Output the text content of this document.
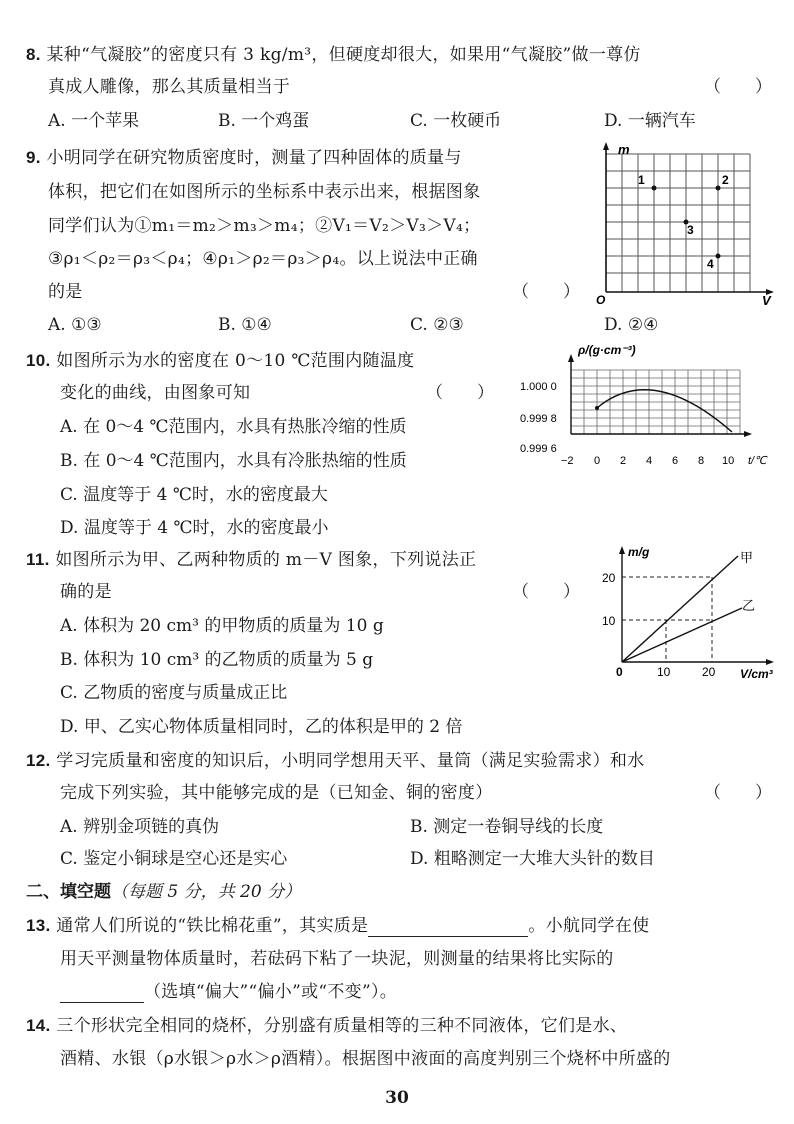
8. 某种“气凝胶”的密度只有 3 kg/m³，但硬度却很大，如果用“气凝胶”做一尊仿
真成人雕像，那么其质量相当于	（　　）
A. 一个苹果	B. 一个鸡蛋	C. 一枚硬币	D. 一辆汽车
9. 小明同学在研究物质密度时，测量了四种固体的质量与
体积，把它们在如图所示的坐标系中表示出来，根据图象
同学们认为①m₁＝m₂＞m₃＞m₄；②V₁＝V₂＞V₃＞V₄；
③ρ₁＜ρ₂＝ρ₃＜ρ₄；④ρ₁＞ρ₂＝ρ₃＞ρ₄。以上说法中正确
的是	（　　）
A. ①③	B. ①④	C. ②③	D. ②④
m
V
O
1	2
3
4
10. 如图所示为水的密度在 0～10 ℃范围内随温度
变化的曲线，由图象可知	（　　）
A. 在 0～4 ℃范围内，水具有热胀冷缩的性质
B. 在 0～4 ℃范围内，水具有冷胀热缩的性质
C. 温度等于 4 ℃时，水的密度最大
D. 温度等于 4 ℃时，水的密度最小
ρ/(g·cm⁻³)
1.000 0
0.999 8
0.999 6
−2 0 2 4 6 8 10 t/℃
11. 如图所示为甲、乙两种物质的 m－V 图象，下列说法正
确的是	（　　）
A. 体积为 20 cm³ 的甲物质的质量为 10 g
B. 体积为 10 cm³ 的乙物质的质量为 5 g
C. 乙物质的密度与质量成正比
D. 甲、乙实心物体质量相同时，乙的体积是甲的 2 倍
m/g
V/cm³
0
20
10
10	20
甲
乙
12. 学习完质量和密度的知识后，小明同学想用天平、量筒（满足实验需求）和水
完成下列实验，其中能够完成的是（已知金、铜的密度）	（　　）
A. 辨别金项链的真伪	B. 测定一卷铜导线的长度
C. 鉴定小铜球是空心还是实心	D. 粗略测定一大堆大头针的数目
二、填空题（每题 5 分，共 20 分）
13. 通常人们所说的“铁比棉花重”，其实质是	。小航同学在使
用天平测量物体质量时，若砝码下粘了一块泥，则测量的结果将比实际的
（选填“偏大”“偏小”或“不变”）。
14. 三个形状完全相同的烧杯，分别盛有质量相等的三种不同液体，它们是水、
酒精、水银（ρ水银＞ρ水＞ρ酒精）。根据图中液面的高度判别三个烧杯中所盛的
30
